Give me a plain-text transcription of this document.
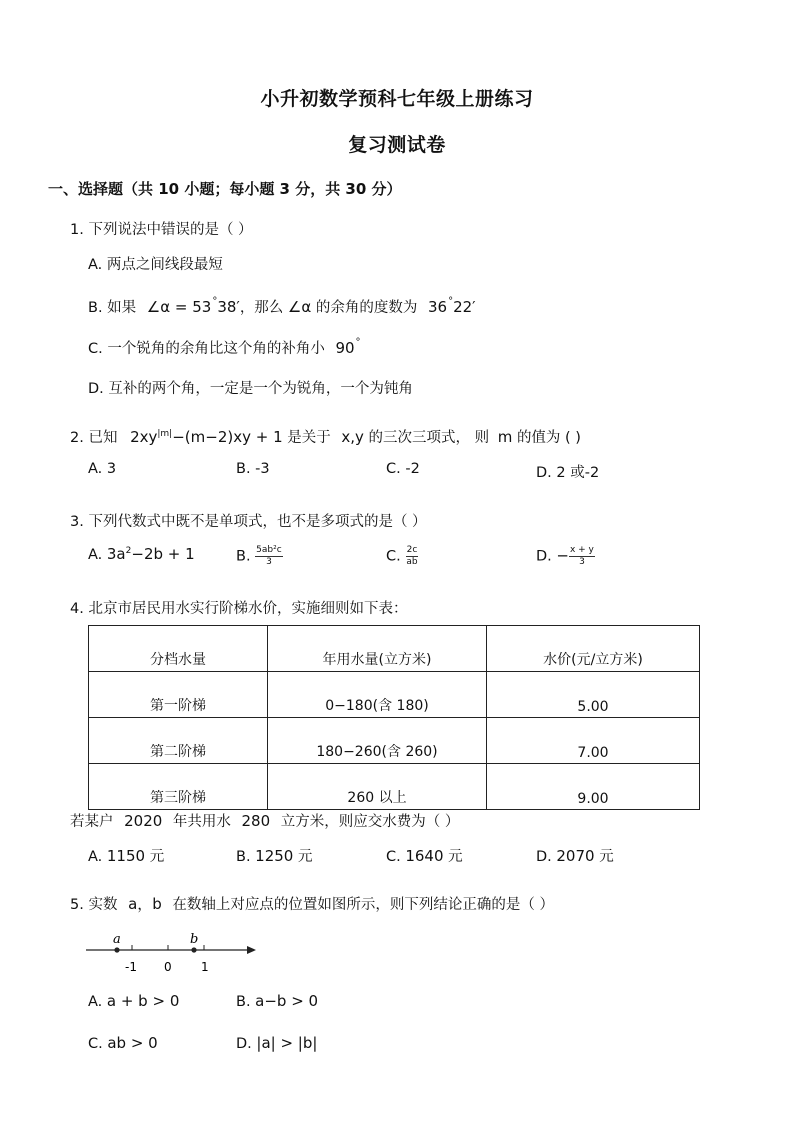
小升初数学预科七年级上册练习
复习测试卷
一、选择题（共 10 小题；每小题 3 分，共 30 分）
1. 下列说法中错误的是（ ）
A. 两点之间线段最短
B. 如果 ∠α = 53°38′，那么 ∠α 的余角的度数为 36°22′
C. 一个锐角的余角比这个角的补角小 90°
D. 互补的两个角，一定是一个为锐角，一个为钝角
2. 已知 $2xy^{|m|}-(m-2)xy + 1$ 是关于 x,y 的三次三项式， 则 m 的值为 ( )
A. 3	B. -3	C. -2	D. 2 或-2
3. 下列代数式中既不是单项式，也不是多项式的是（ ）
A. $3a^2-2b + 1$	B. $\frac{\text{5ab²c}}{3}$	C. $\frac{2c}{ab}$	D. − $\frac{x + y}{3}$
4. 北京市居民用水实行阶梯水价，实施细则如下表：
分档水量	年用水量(立方米)	水价(元/立方米)
第一阶梯	0−180(含 180)	5.00
第二阶梯	180−260(含 260)	7.00
第三阶梯	260 以上	9.00
若某户 2020 年共用水 280 立方米，则应交水费为（ ）
A. 1150 元	B. 1250 元	C. 1640 元	D. 2070 元
5. 实数 a，b 在数轴上对应点的位置如图所示，则下列结论正确的是（ ）
a	b
-1 0 1
A. a + b > 0	B. a−b > 0
C. ab > 0	D. |a| > |b|
